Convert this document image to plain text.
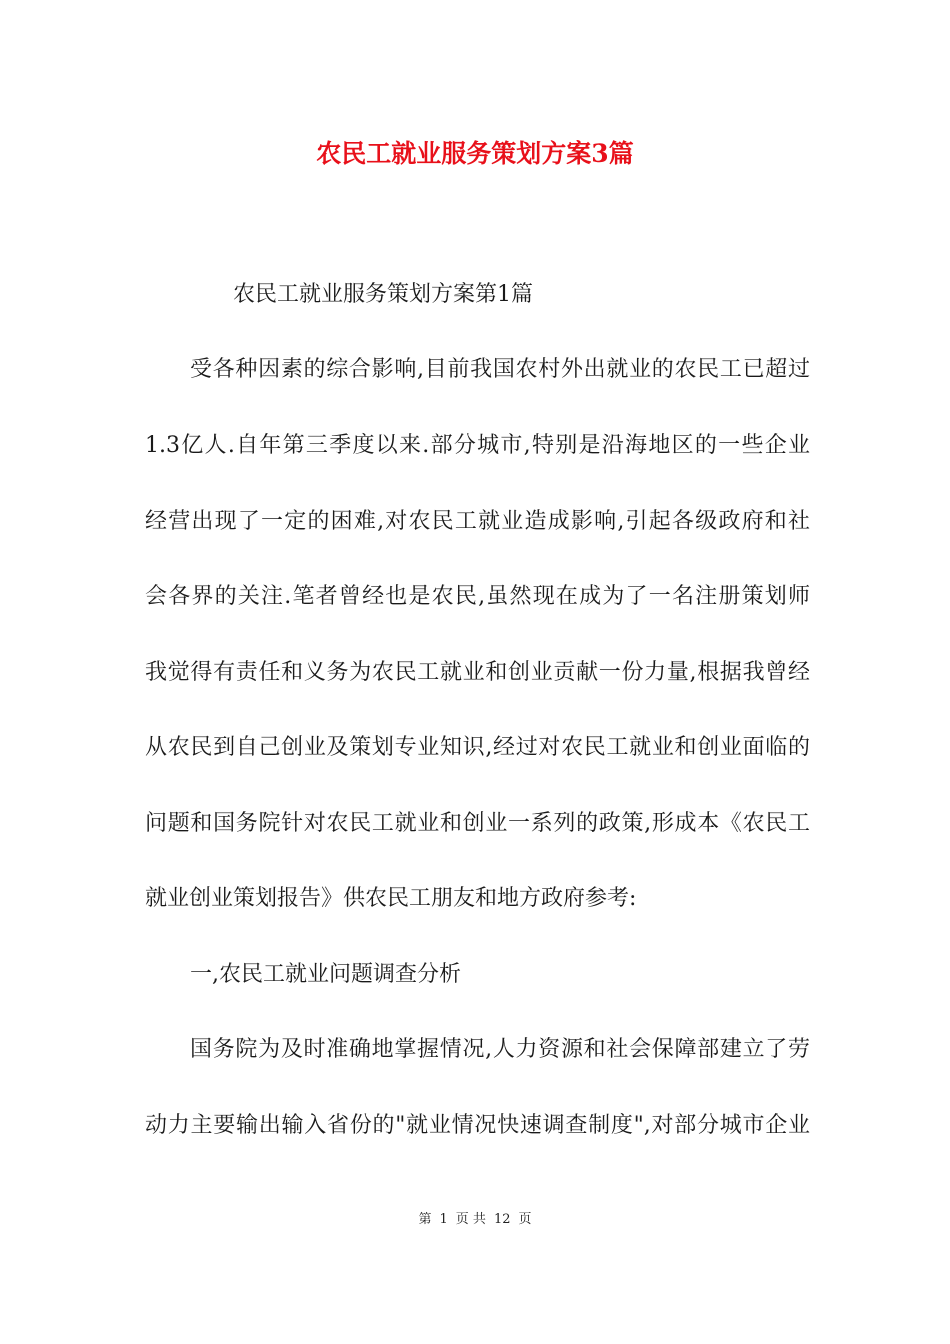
农民工就业服务策划方案3篇
农民工就业服务策划方案第1篇
受各种因素的综合影响,目前我国农村外出就业的农民工已超过
1.3亿人.自年第三季度以来.部分城市,特别是沿海地区的一些企业
经营出现了一定的困难,对农民工就业造成影响,引起各级政府和社
会各界的关注.笔者曾经也是农民,虽然现在成为了一名注册策划师
我觉得有责任和义务为农民工就业和创业贡献一份力量,根据我曾经
从农民到自己创业及策划专业知识,经过对农民工就业和创业面临的
问题和国务院针对农民工就业和创业一系列的政策,形成本《农民工
就业创业策划报告》供农民工朋友和地方政府参考:
一,农民工就业问题调查分析
国务院为及时准确地掌握情况,人力资源和社会保障部建立了劳
动力主要输出输入省份的"就业情况快速调查制度",对部分城市企业
第 1 页 共 12 页
